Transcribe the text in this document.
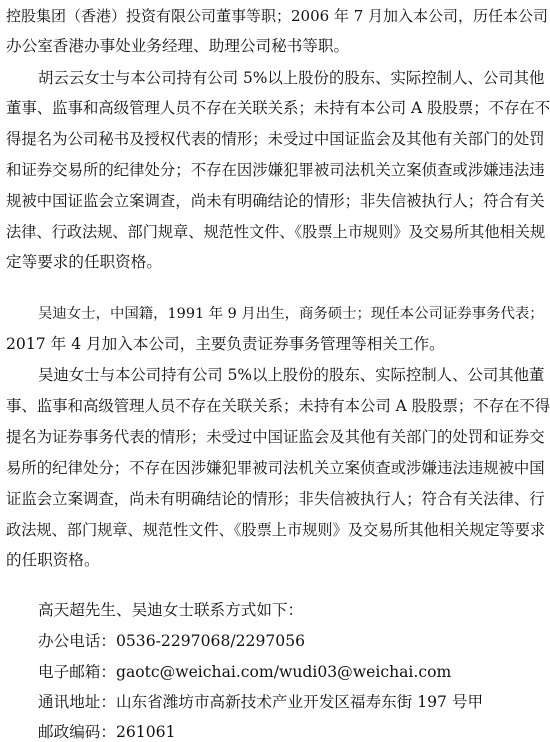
控股集团（香港）投资有限公司董事等职；2006 年 7 月加入本公司，历任本公司
办公室香港办事处业务经理、助理公司秘书等职。
胡云云女士与本公司持有公司 5%以上股份的股东、实际控制人、公司其他
董事、监事和高级管理人员不存在关联关系；未持有本公司 A 股股票；不存在不
得提名为公司秘书及授权代表的情形；未受过中国证监会及其他有关部门的处罚
和证券交易所的纪律处分；不存在因涉嫌犯罪被司法机关立案侦查或涉嫌违法违
规被中国证监会立案调查，尚未有明确结论的情形；非失信被执行人；符合有关
法律、行政法规、部门规章、规范性文件、《股票上市规则》及交易所其他相关规
定等要求的任职资格。
吴迪女士，中国籍，1991 年 9 月出生，商务硕士；现任本公司证券事务代表；
2017 年 4 月加入本公司，主要负责证券事务管理等相关工作。
吴迪女士与本公司持有公司 5%以上股份的股东、实际控制人、公司其他董
事、监事和高级管理人员不存在关联关系；未持有本公司 A 股股票；不存在不得
提名为证券事务代表的情形；未受过中国证监会及其他有关部门的处罚和证券交
易所的纪律处分；不存在因涉嫌犯罪被司法机关立案侦查或涉嫌违法违规被中国
证监会立案调查，尚未有明确结论的情形；非失信被执行人；符合有关法律、行
政法规、部门规章、规范性文件、《股票上市规则》及交易所其他相关规定等要求
的任职资格。
高天超先生、吴迪女士联系方式如下：
办公电话：0536-2297068/2297056
电子邮箱：gaotc@weichai.com/wudi03@weichai.com
通讯地址：山东省潍坊市高新技术产业开发区福寿东街 197 号甲
邮政编码：261061
